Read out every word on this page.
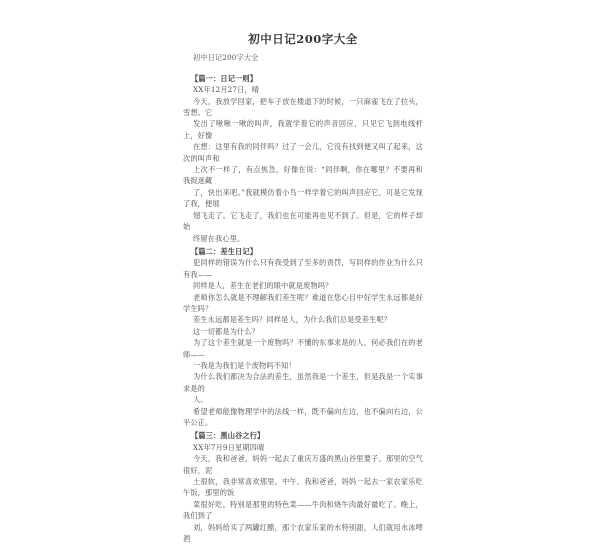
初中日记200字大全
初中日记200字大全
【篇一：日记一则】

XX年12月27日，晴

今天，我放学回家，把车子放在楼道下的时候，一只麻雀飞在了拉头，雪想。它

发出了啾啾一啾的叫声，我就学着它的声音回应，只见它飞到电线杆上，好像

在想：这里有我的同伴吗？过了一会儿，它没有找到便又叫了起来，这次的叫声和

上次不一样了，有点焦急，好像在说：“同伴啊，你在哪里？不要再和我捉迷藏

了，快出来吧。”我就模仿着小鸟一样学着它的叫声回应它，可是它发现了我，便展

翅飞走了。它飞走了，我们也在可能再也见不到了。但是，它的样子却始

终留在我心里。

【篇二：差生日记】

犯同样的错误为什么只有我受到了至多的责罚，写同样的作业为什么只有我——

同样是人，差生在老们的眼中就是废物吗？

老师你怎么就是不理解我们差生呢？难道在您心目中好学生永远都是好学生吗？

差生永远都是差生吗？同样是人，为什么我们总是受差生呢？

这一切都是为什么？

为了这个差生就是一个废物吗？不懂的东事求是的人，何必我们在的老师——

一我是为我们是个废物吗不知！

为什么我们都决为合法的差生，虽然我是一个差生，但是我是一个实事求是的

人。

希望老师能像物理学中的法线一样，既不偏向左边，也不偏向右边，公平公正。

【篇三：黑山谷之行】

XX年7月9日星期四晴

今天，我和爸爸，妈妈一起去了重庆万盛的黑山谷里要子。那里的空气很好，泥

土很软，我非常喜欢那里。中午，我和爸爸，妈妈一起去一家农家乐吃午饭，那里的饭

菜很好吃，特别是那里的特色菜——牛肉和烧牛肉最好最吃了。晚上，我们到了

刘，妈妈给买了两罐红醋，那个农家乐家的水特别甜，人们就用水冰啤酒
